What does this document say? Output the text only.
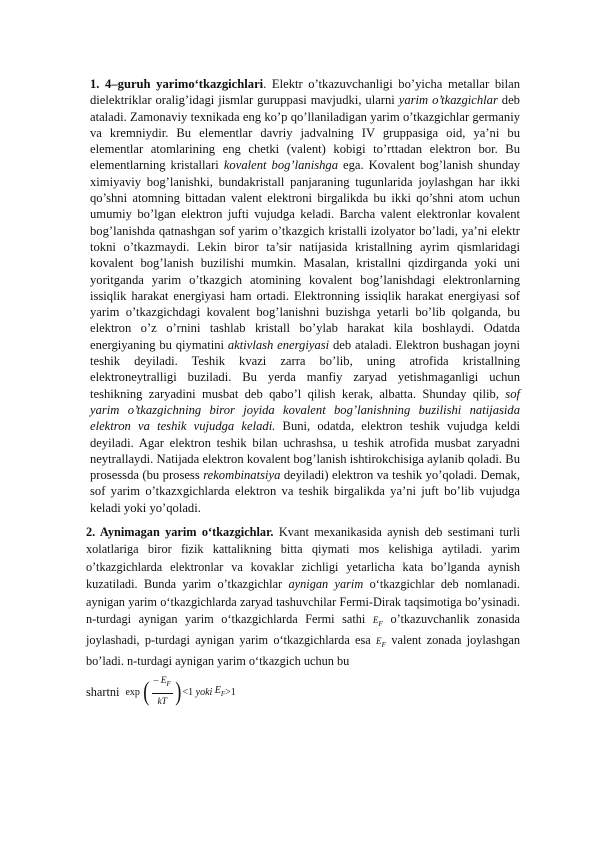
1. 4–guruh yarimo‘tkazgichlari. Elektr o’tkazuvchanligi bo’yicha metallar bilan dielektriklar oralig’idagi jismlar guruppasi mavjudki, ularni yarim o’tkazgichlar deb ataladi. Zamonaviy texnikada eng ko’p qo’llaniladigan yarim o’tkazgichlar germaniy va kremniydir. Bu elementlar davriy jadvalning IV gruppasiga oid, ya’ni bu elementlar atomlarining eng chetki (valent) kobigi to’rttadan elektron bor. Bu elementlarning kristallari kovalent bog’lanishga ega. Kovalent bog’lanish shunday ximiyaviy bog’lanishki, bundakristall panjaraning tugunlarida joylashgan har ikki qo’shni atomning bittadan valent elektroni birgalikda bu ikki qo’shni atom uchun umumiy bo’lgan elektron jufti vujudga keladi. Barcha valent elektronlar kovalent bog’lanishda qatnashgan sof yarim o’tkazgich kristalli izolyator bo’ladi, ya’ni elektr tokni o’tkazmaydi. Lekin biror ta’sir natijasida kristallning ayrim qismlaridagi kovalent bog’lanish buzilishi mumkin. Masalan, kristallni qizdirganda yoki uni yoritganda yarim o’tkazgich atomining kovalent bog’lanishdagi elektronlarning issiqlik harakat energiyasi ham ortadi. Elektronning issiqlik harakat energiyasi sof yarim o’tkazgichdagi kovalent bog’lanishni buzishga yetarli bo’lib qolganda, bu elektron o’z o’rnini tashlab kristall bo’ylab harakat kila boshlaydi. Odatda energiyaning bu qiymatini aktivlash energiyasi deb ataladi. Elektron bushagan joyni teshik deyiladi. Teshik kvazi zarra bo’lib, uning atrofida kristallning elektroneytralligi buziladi. Bu yerda manfiy zaryad yetishmaganligi uchun teshikning zaryadini musbat deb qabo’l qilish kerak, albatta. Shunday qilib, sof yarim o’tkazgichning biror joyida kovalent bog’lanishning buzilishi natijasida elektron va teshik vujudga keladi. Buni, odatda, elektron teshik vujudga keldi deyiladi. Agar elektron teshik bilan uchrashsa, u teshik atrofida musbat zaryadni neytrallaydi. Natijada elektron kovalent bog’lanish ishtirokchisiga aylanib qoladi. Bu prosessda (bu prosess rekombinatsiya deyiladi) elektron va teshik yo’qoladi. Demak, sof yarim o’tkazxgichlarda elektron va teshik birgalikda ya’ni juft bo’lib vujudga keladi yoki yo’qoladi.

2. Aynimagan yarim o‘tkazgichlar. Kvant mexanikasida aynish deb sestimani turli xolatlariga biror fizik kattalikning bitta qiymati mos kelishiga aytiladi. yarim o’tkazgichlarda elektronlar va kovaklar zichligi yetarlicha kata bo’lganda aynish kuzatiladi. Bunda yarim o’tkazgichlar aynigan yarim o‘tkazgichlar deb nomlanadi. aynigan yarim o‘tkazgichlarda zaryad tashuvchilar Fermi-Dirak taqsimotiga bo’ysinadi. n-turdagi aynigan yarim o‘tkazgichlarda Fermi sathi $E_F$ o’tkazuvchanlik zonasida joylashadi, p-turdagi aynigan yarim o‘tkazgichlarda esa $E_F$ valent zonada joylashgan bo’ladi. n-turdagi aynigan yarim o‘tkazgich uchun bu

shartni exp ( $\frac{- E_F}{kT}$ ) <1 yoki $E_F >1$
